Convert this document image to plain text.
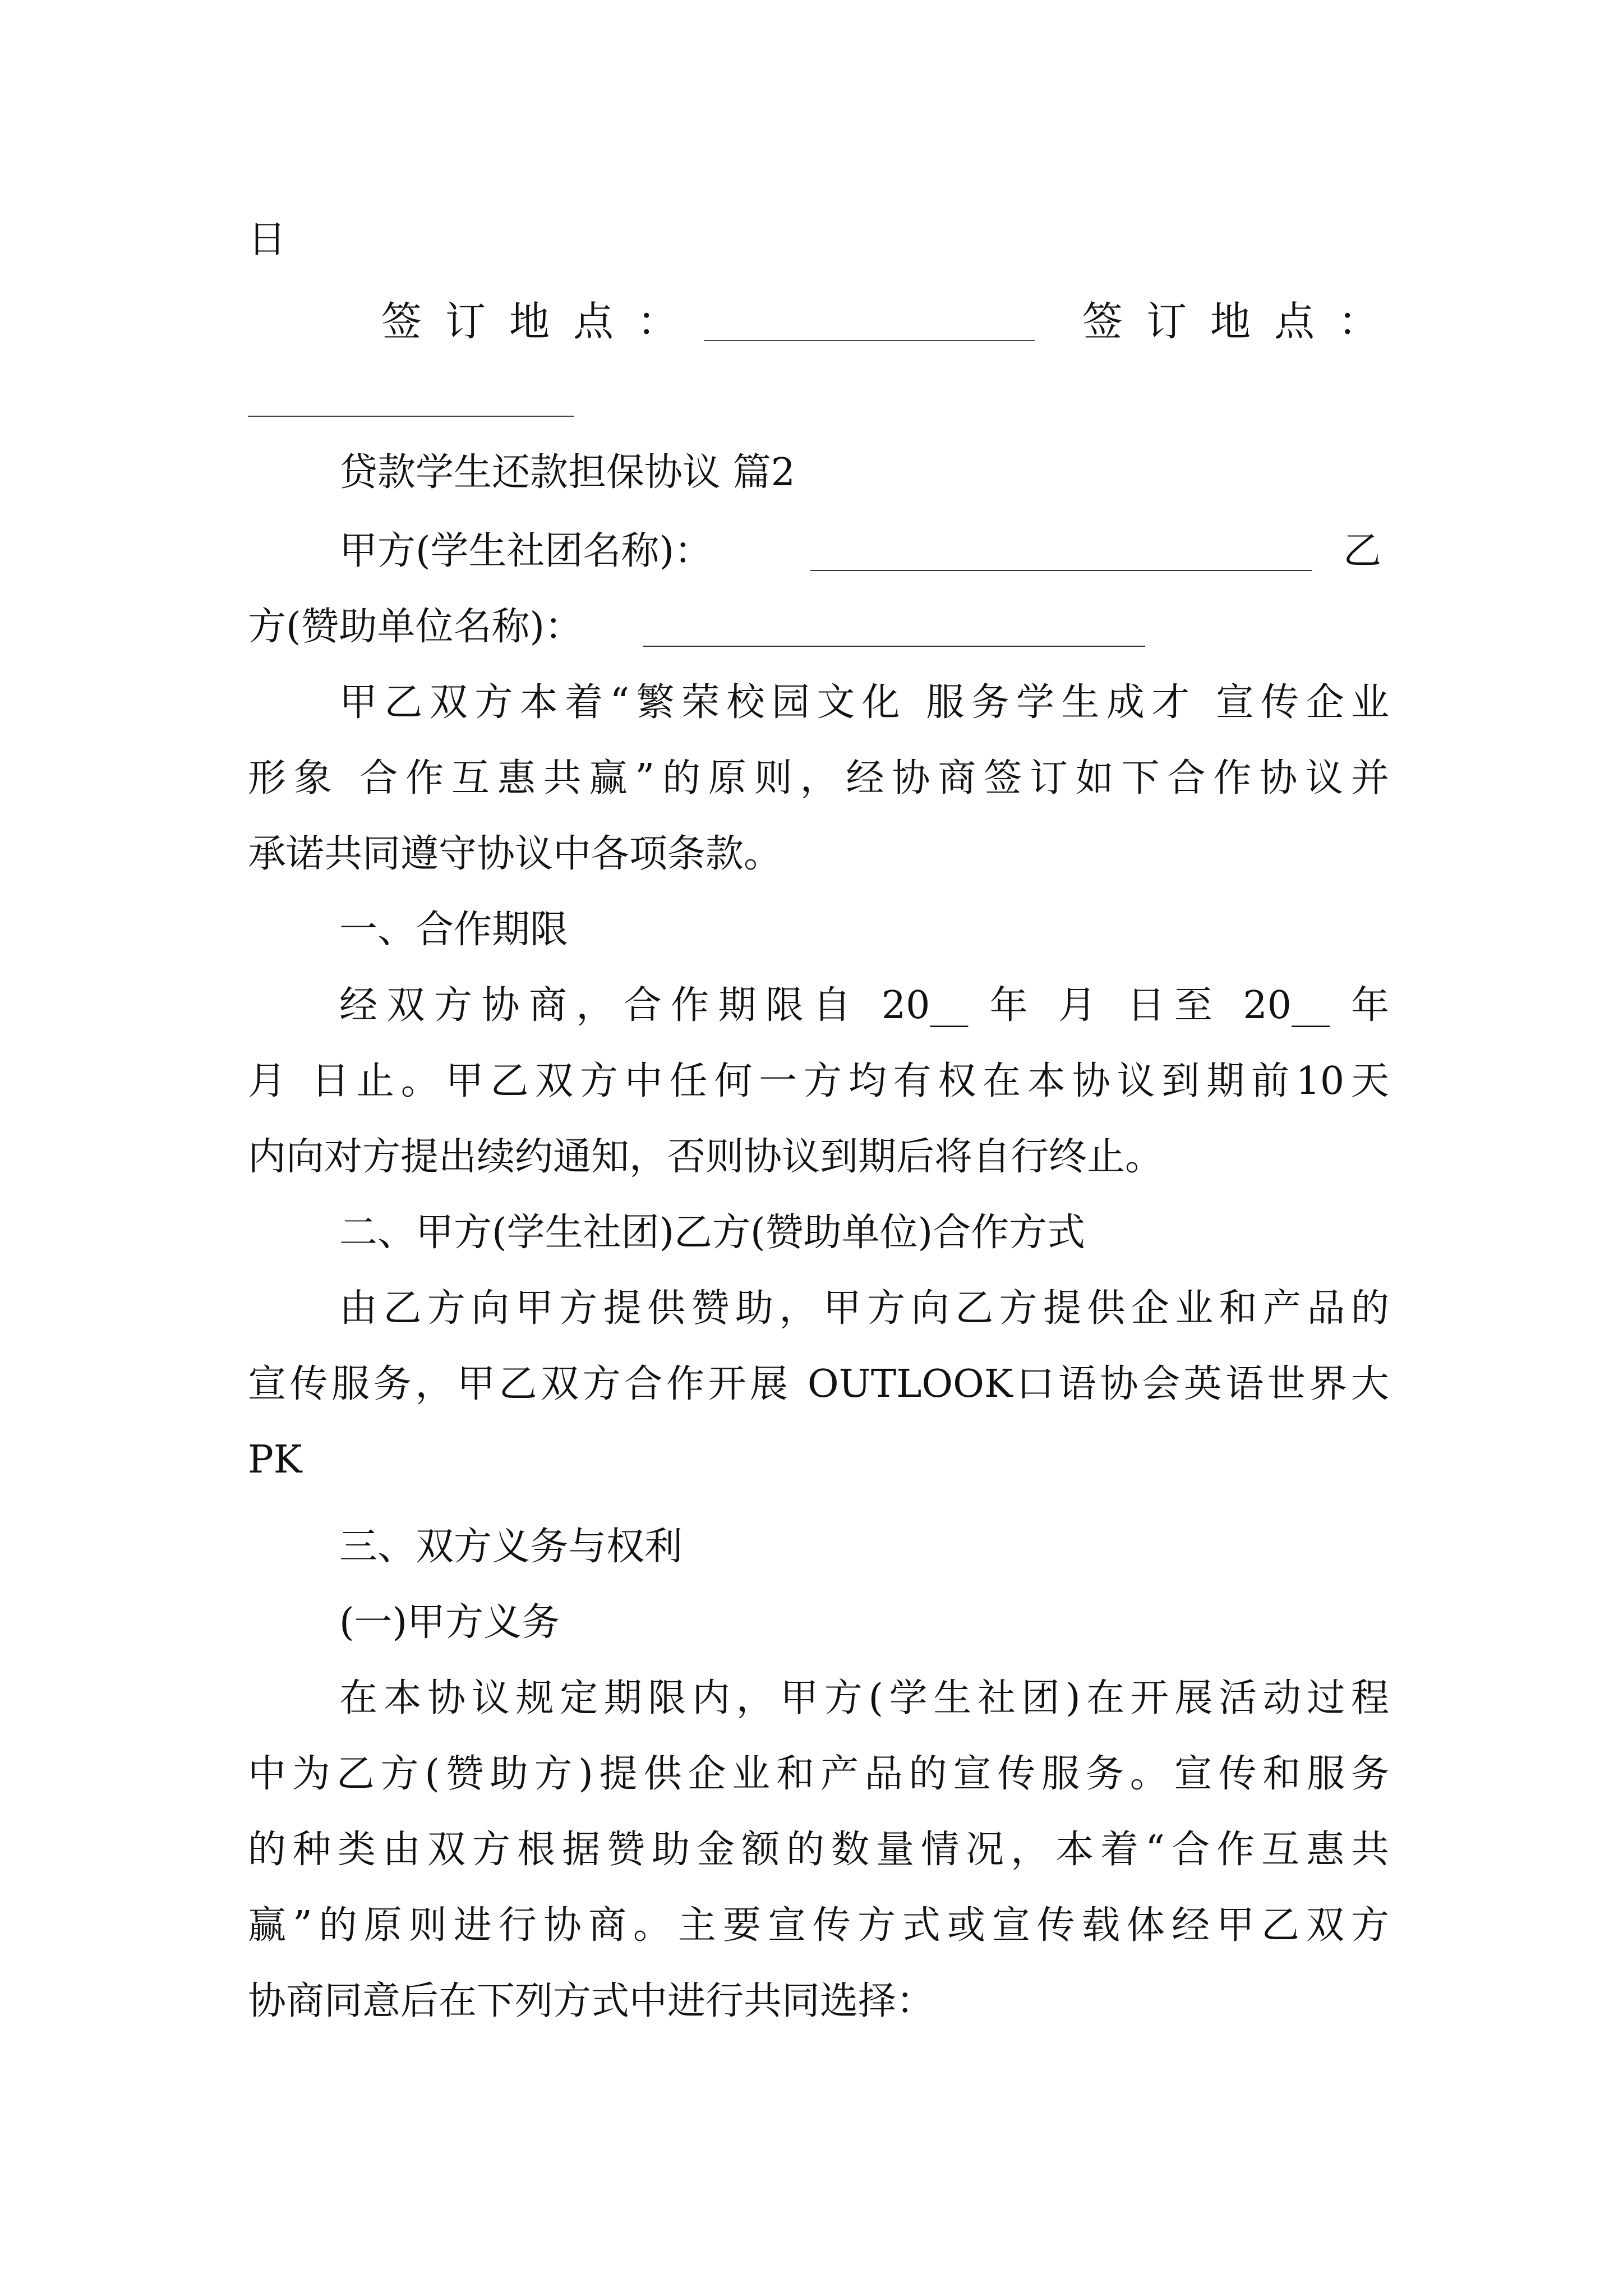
日
签订地点：	签订地点：
贷款学生还款担保协议 篇2
甲方(学生社团名称)：	乙
方(赞助单位名称)：
甲乙双方本着“繁荣校园文化 服务学生成才 宣传企业
形象 合作互惠共赢”的原则，经协商签订如下合作协议并
承诺共同遵守协议中各项条款。
一、合作期限
经双方协商，合作期限自 20__ 年 月 日至 20__ 年
月 日止。甲乙双方中任何一方均有权在本协议到期前10天
内向对方提出续约通知，否则协议到期后将自行终止。
二、甲方(学生社团)乙方(赞助单位)合作方式
由乙方向甲方提供赞助，甲方向乙方提供企业和产品的
宣传服务，甲乙双方合作开展 OUTLOOK口语协会英语世界大
PK
三、双方义务与权利
(一)甲方义务
在本协议规定期限内，甲方(学生社团)在开展活动过程
中为乙方(赞助方)提供企业和产品的宣传服务。宣传和服务
的种类由双方根据赞助金额的数量情况，本着“合作互惠共
赢”的原则进行协商。主要宣传方式或宣传载体经甲乙双方
协商同意后在下列方式中进行共同选择：
